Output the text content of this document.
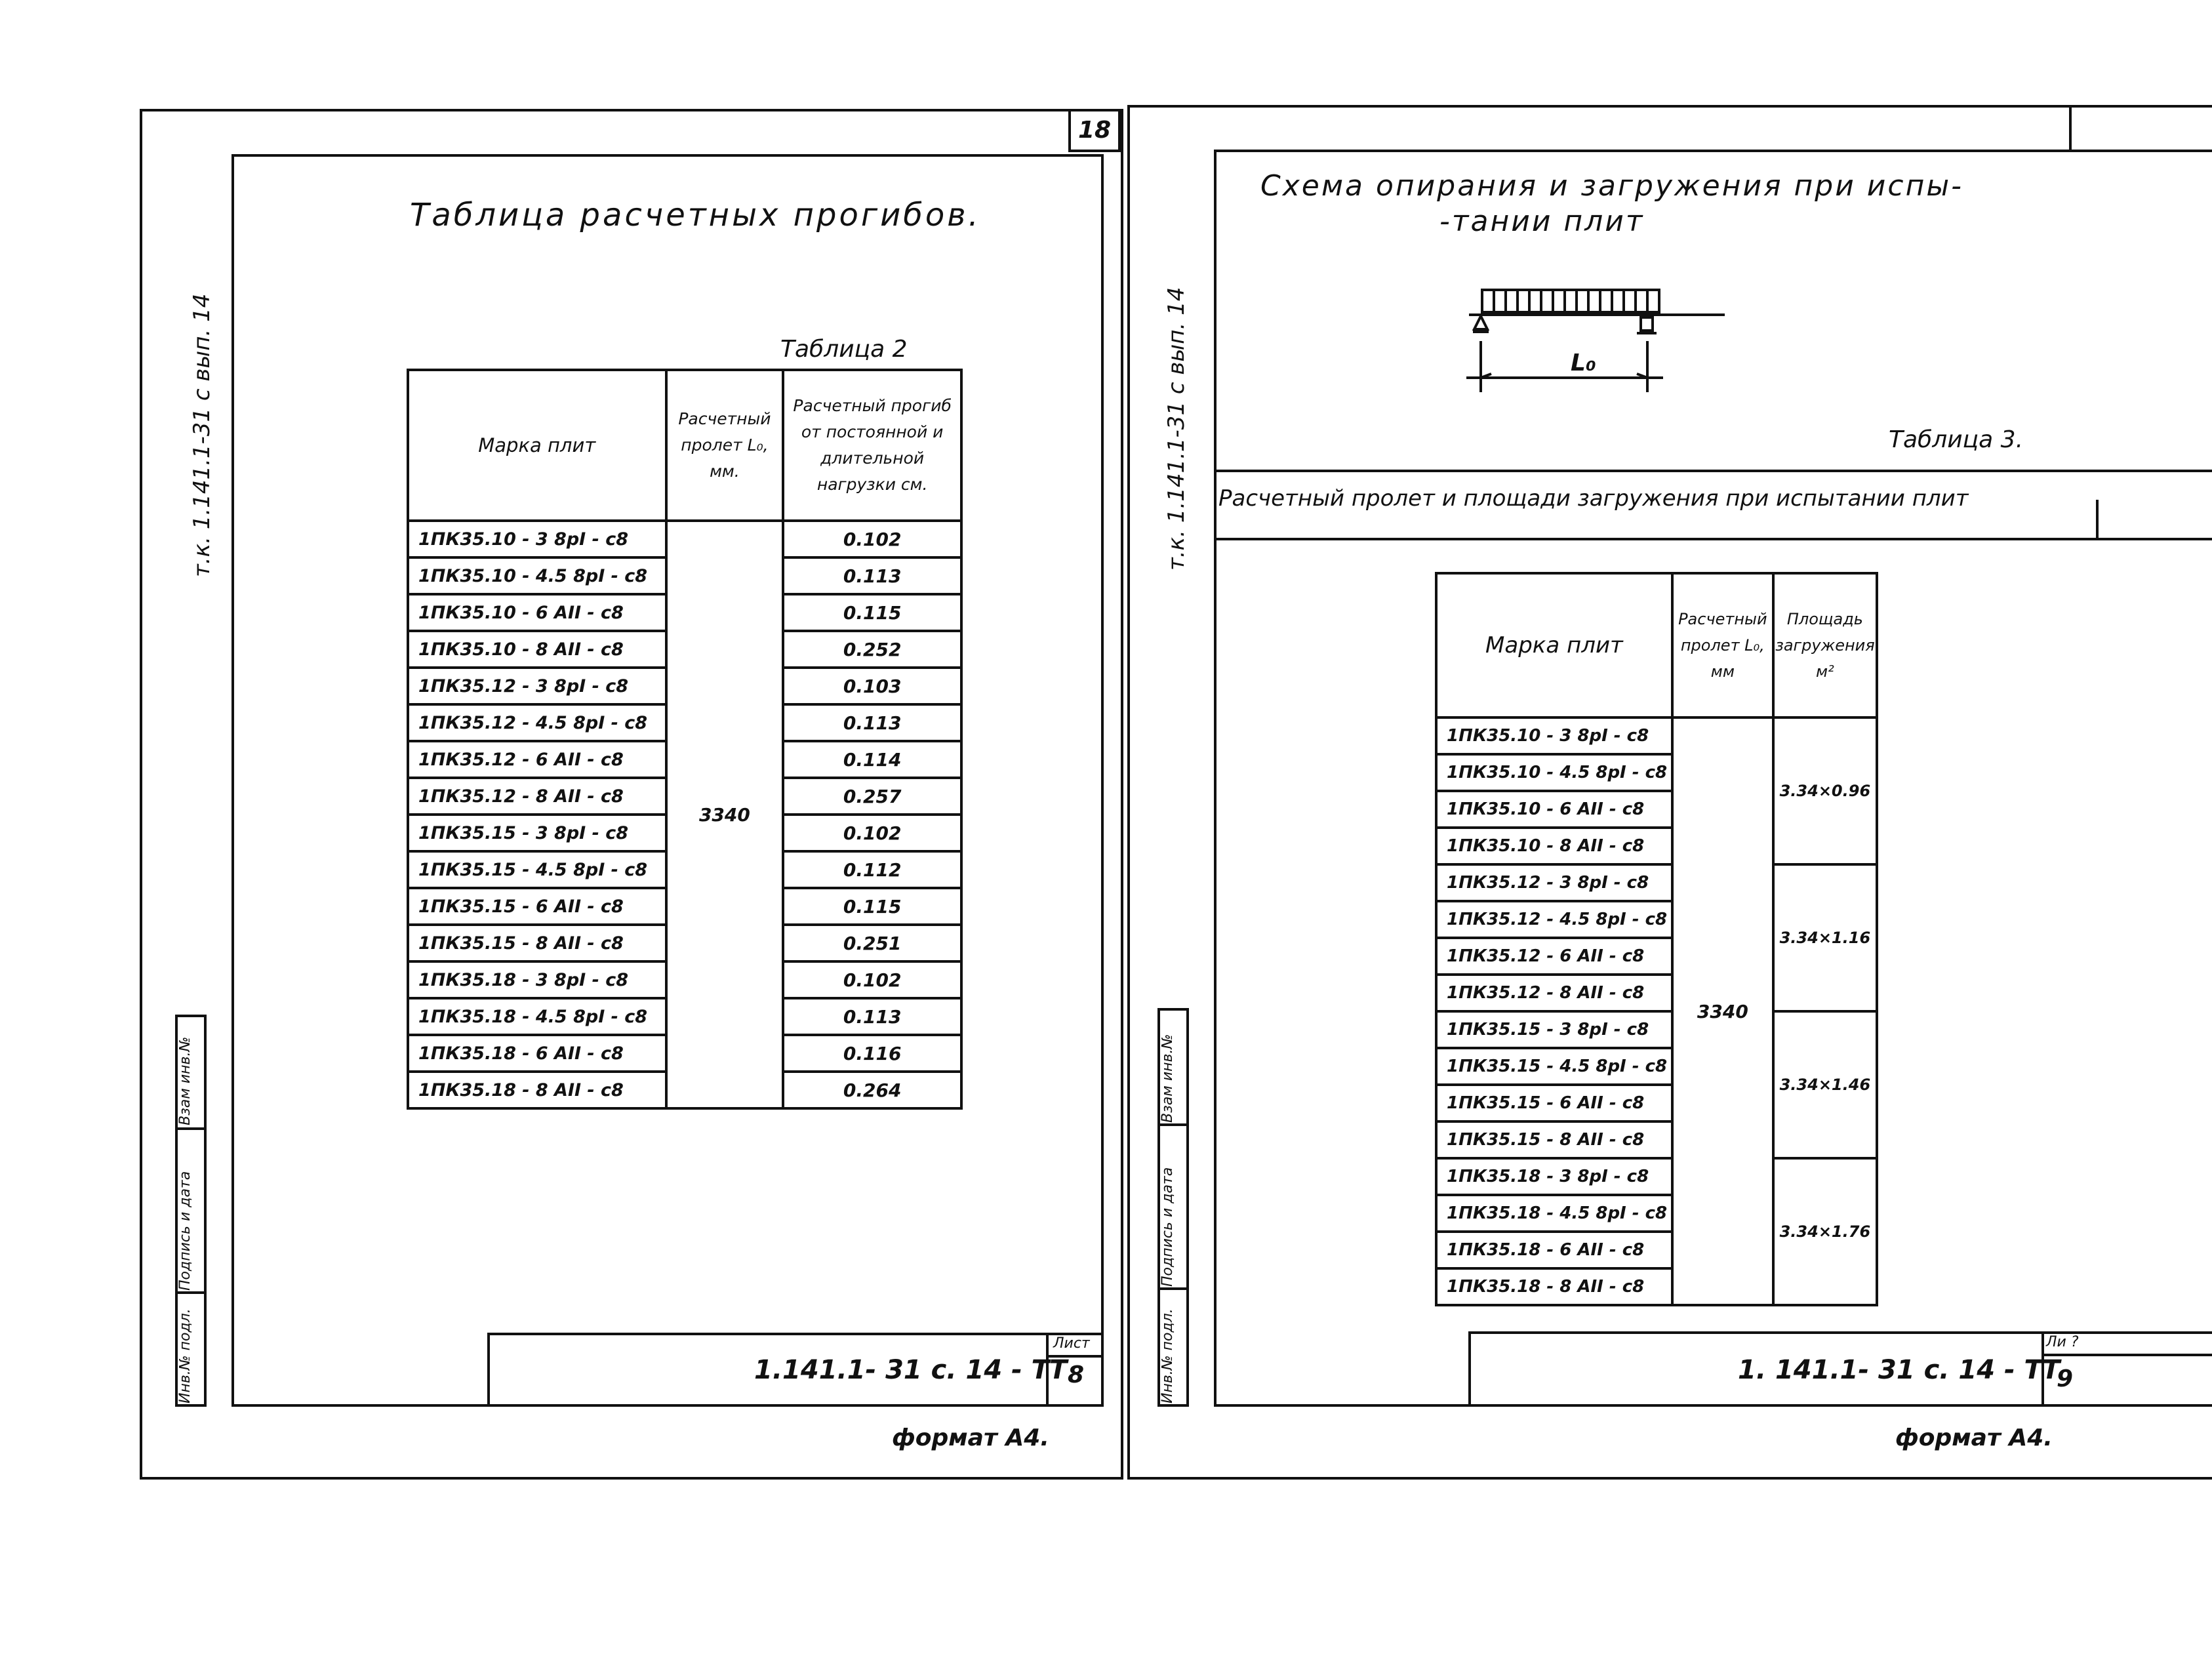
18
т.к. 1.141.1-31 с вып. 14
Таблица расчетных прогибов.
Таблица 2
Марка плит	Расчетный пролет L₀, мм.	Расчетный прогиб от постоянной и длительной нагрузки см.
1ПК35.10 - 3 8рI - с8	3340	0.102
1ПК35.10 - 4.5 8рI - с8		0.113
1ПК35.10 - 6 АII - с8		0.115
1ПК35.10 - 8 АII - с8		0.252
1ПК35.12 - 3 8рI - с8		0.103
1ПК35.12 - 4.5 8рI - с8		0.113
1ПК35.12 - 6 АII - с8		0.114
1ПК35.12 - 8 АII - с8		0.257
1ПК35.15 - 3 8рI - с8		0.102
1ПК35.15 - 4.5 8рI - с8		0.112
1ПК35.15 - 6 АII - с8		0.115
1ПК35.15 - 8 АII - с8		0.251
1ПК35.18 - 3 8рI - с8		0.102
1ПК35.18 - 4.5 8рI - с8		0.113
1ПК35.18 - 6 АII - с8		0.116
1ПК35.18 - 8 АII - с8		0.264
Инв.№ подл.
Подпись и дата
Взам инв.№
1.141.1- 31 с. 14 - ТТ
Лист
8
формат А4.
т.к. 1.141.1-31 с вып. 14
Схема опирания и загружения при испы-
-тании плит
L₀
Таблица 3.
Расчетный пролет и площади загружения при испытании плит
Марка плит	Расчетный пролет L₀, мм	Площадь загружения м²
1ПК35.10 - 3 8рI - с8	3340	3.34×0.96
1ПК35.10 - 4.5 8рI - с8		
1ПК35.10 - 6 АII - с8		
1ПК35.10 - 8 АII - с8		
1ПК35.12 - 3 8рI - с8		3.34×1.16
1ПК35.12 - 4.5 8рI - с8		
1ПК35.12 - 6 АII - с8		
1ПК35.12 - 8 АII - с8		
1ПК35.15 - 3 8рI - с8		3.34×1.46
1ПК35.15 - 4.5 8рI - с8		
1ПК35.15 - 6 АII - с8		
1ПК35.15 - 8 АII - с8		
1ПК35.18 - 3 8рI - с8		3.34×1.76
1ПК35.18 - 4.5 8рI - с8		
1ПК35.18 - 6 АII - с8		
1ПК35.18 - 8 АII - с8		
Инв.№ подл.
Подпись и дата
Взам инв.№
1. 141.1- 31 с. 14 - ТТ
Ли ?
9
формат А4.
